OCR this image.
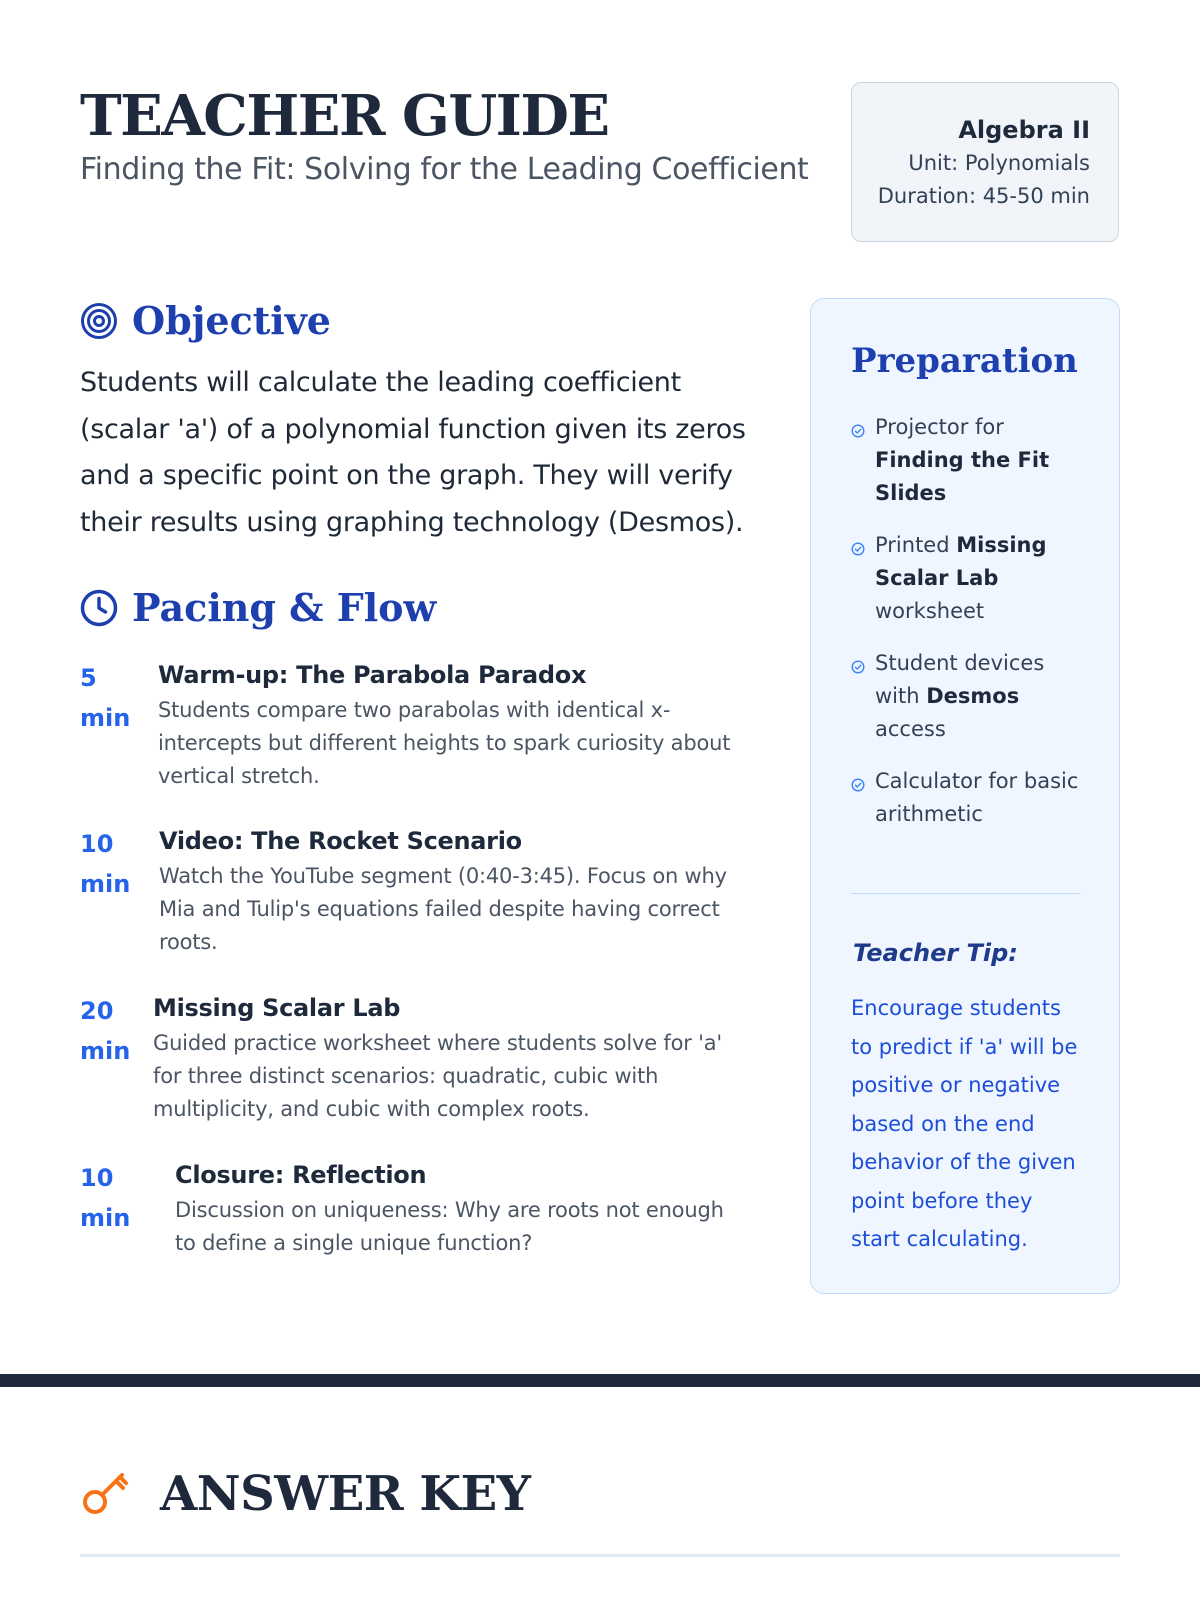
TEACHER GUIDE
Finding the Fit: Solving for the Leading Coefficient
Algebra II
Unit: Polynomials
Duration: 45-50 min
Objective
Students will calculate the leading coefficient (scalar 'a') of a polynomial function given its zeros and a specific point on the graph. They will verify their results using graphing technology (Desmos).
Pacing & Flow
5
min
Warm-up: The Parabola Paradox
Students compare two parabolas with identical x-intercepts but different heights to spark curiosity about vertical stretch.
10
min
Video: The Rocket Scenario
Watch the YouTube segment (0:40-3:45). Focus on why Mia and Tulip's equations failed despite having correct roots.
20
min
Missing Scalar Lab
Guided practice worksheet where students solve for 'a' for three distinct scenarios: quadratic, cubic with multiplicity, and cubic with complex roots.
10
min
Closure: Reflection
Discussion on uniqueness: Why are roots not enough to define a single unique function?
Preparation
Projector for Finding the Fit Slides
Printed Missing Scalar Lab worksheet
Student devices with Desmos access
Calculator for basic arithmetic
Teacher Tip:
Encourage students to predict if 'a' will be positive or negative based on the end behavior of the given point before they start calculating.
ANSWER KEY
